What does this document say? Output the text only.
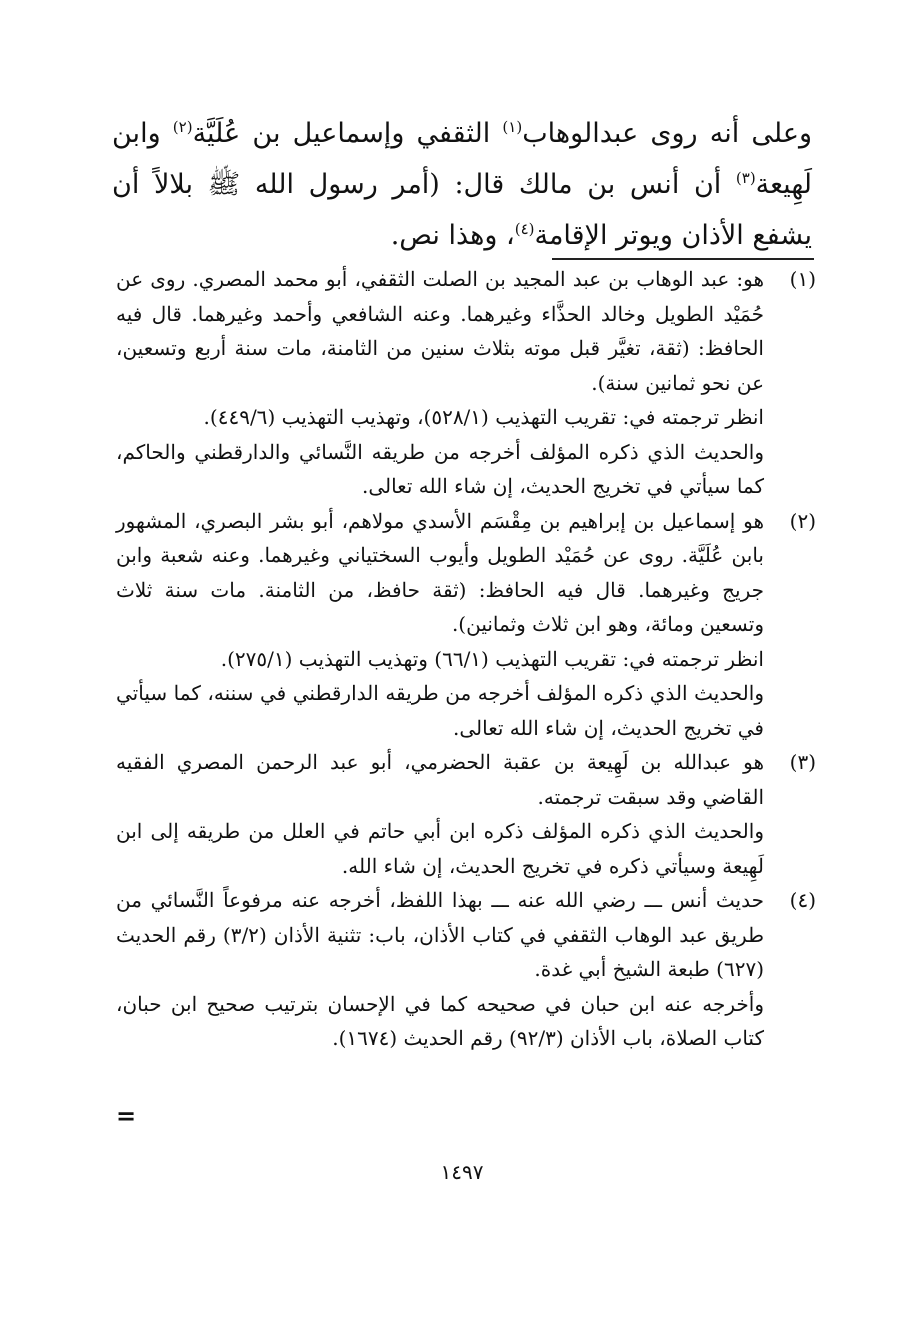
وعلى أنه روى عبدالوهاب$^{(١)}$ الثقفي وإسماعيل بن عُلَيَّة$^{(٢)}$ وابن لَهِيعة$^{(٣)}$ أن أنس بن مالك قال: (أمر رسول الله ﷺ بلالاً أن يشفع الأذان ويوتر الإقامة$^{(٤)}$، وهذا نص.

(١)

هو: عبد الوهاب بن عبد المجيد بن الصلت الثقفي، أبو محمد المصري. روى عن حُمَيْد الطويل وخالد الحذَّاء وغيرهما. وعنه الشافعي وأحمد وغيرهما. قال فيه الحافظ: (ثقة، تغيَّر قبل موته بثلاث سنين من الثامنة، مات سنة أربع وتسعين، عن نحو ثمانين سنة).

انظر ترجمته في: تقريب التهذيب (٥٢٨/١)، وتهذيب التهذيب (٤٤٩/٦).

والحديث الذي ذكره المؤلف أخرجه من طريقه النَّسائي والدارقطني والحاكم، كما سيأتي في تخريج الحديث، إن شاء الله تعالى.

(٢)

هو إسماعيل بن إبراهيم بن مِقْسَم الأسدي مولاهم، أبو بشر البصري، المشهور بابن عُلَيَّة. روى عن حُمَيْد الطويل وأيوب السختياني وغيرهما. وعنه شعبة وابن جريج وغيرهما. قال فيه الحافظ: (ثقة حافظ، من الثامنة. مات سنة ثلاث وتسعين ومائة، وهو ابن ثلاث وثمانين).

انظر ترجمته في: تقريب التهذيب (٦٦/١) وتهذيب التهذيب (٢٧٥/١).

والحديث الذي ذكره المؤلف أخرجه من طريقه الدارقطني في سننه، كما سيأتي في تخريج الحديث، إن شاء الله تعالى.

(٣)

هو عبدالله بن لَهِيعة بن عقبة الحضرمي، أبو عبد الرحمن المصري الفقيه القاضي وقد سبقت ترجمته.

والحديث الذي ذكره المؤلف ذكره ابن أبي حاتم في العلل من طريقه إلى ابن لَهِيعة وسيأتي ذكره في تخريج الحديث، إن شاء الله.

(٤)

حديث أنس ـــ رضي الله عنه ـــ بهذا اللفظ، أخرجه عنه مرفوعاً النَّسائي من طريق عبد الوهاب الثقفي في كتاب الأذان، باب: تثنية الأذان (٣/٢) رقم الحديث (٦٢٧) طبعة الشيخ أبي غدة.

وأخرجه عنه ابن حبان في صحيحه كما في الإحسان بترتيب صحيح ابن حبان، كتاب الصلاة، باب الأذان (٩٢/٣) رقم الحديث (١٦٧٤).

=
١٤٩٧
